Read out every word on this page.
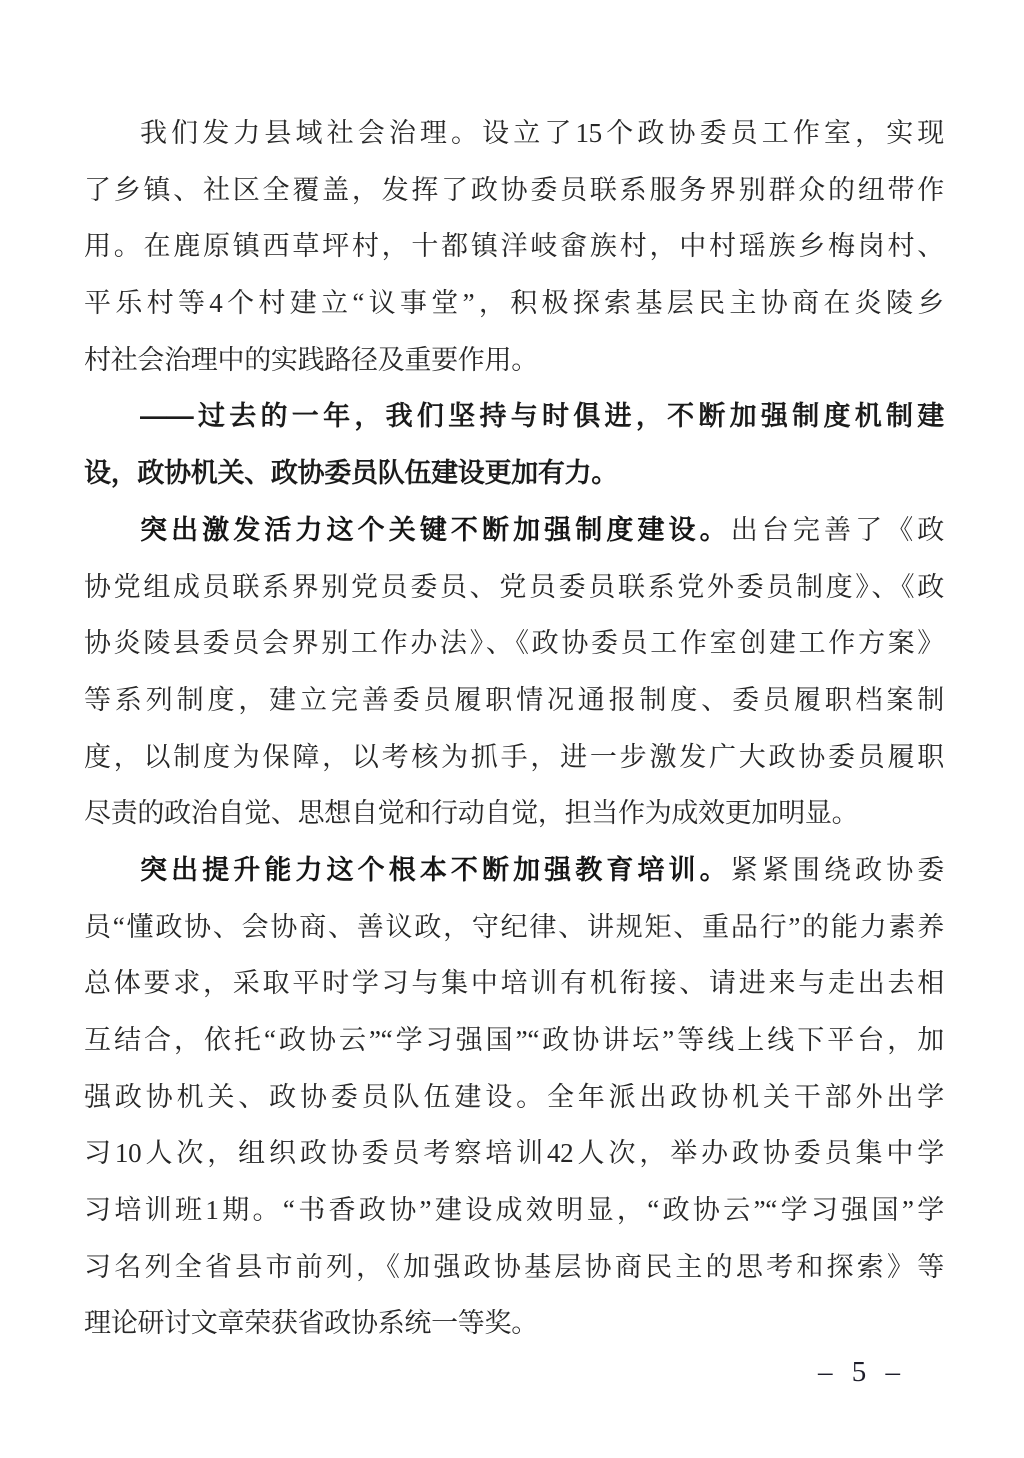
我们发力县域社会治理。设立了15个政协委员工作室，实现
了乡镇、社区全覆盖，发挥了政协委员联系服务界别群众的纽带作
用。在鹿原镇西草坪村，十都镇洋岐畲族村，中村瑶族乡梅岗村、
平乐村等4个村建立“议事堂”，积极探索基层民主协商在炎陵乡
村社会治理中的实践路径及重要作用。
——过去的一年，我们坚持与时俱进，不断加强制度机制建
设，政协机关、政协委员队伍建设更加有力。
突出激发活力这个关键不断加强制度建设。出台完善了《政
协党组成员联系界别党员委员、党员委员联系党外委员制度》、《政
协炎陵县委员会界别工作办法》、《政协委员工作室创建工作方案》
等系列制度，建立完善委员履职情况通报制度、委员履职档案制
度，以制度为保障，以考核为抓手，进一步激发广大政协委员履职
尽责的政治自觉、思想自觉和行动自觉，担当作为成效更加明显。
突出提升能力这个根本不断加强教育培训。紧紧围绕政协委
员“懂政协、会协商、善议政，守纪律、讲规矩、重品行”的能力素养
总体要求，采取平时学习与集中培训有机衔接、请进来与走出去相
互结合，依托“政协云”“学习强国”“政协讲坛”等线上线下平台，加
强政协机关、政协委员队伍建设。全年派出政协机关干部外出学
习10人次，组织政协委员考察培训42人次，举办政协委员集中学
习培训班1期。“书香政协”建设成效明显，“政协云”“学习强国”学
习名列全省县市前列，《加强政协基层协商民主的思考和探索》等
理论研讨文章荣获省政协系统一等奖。
– 5 –
